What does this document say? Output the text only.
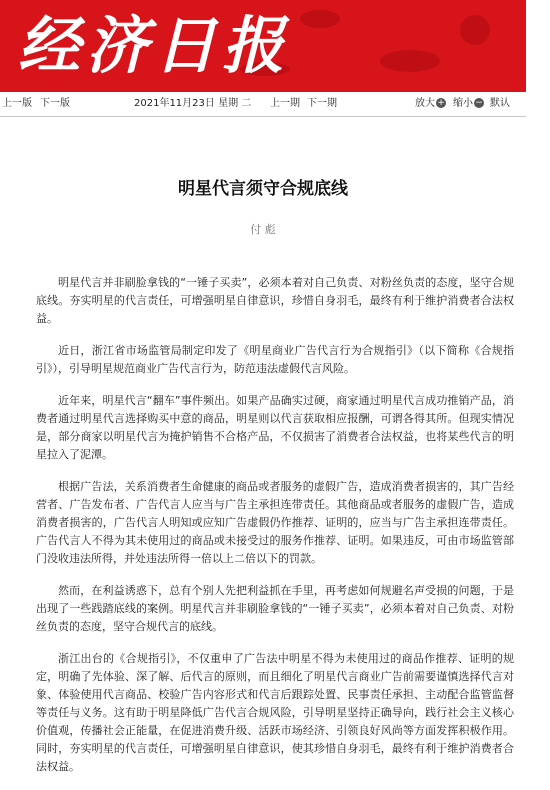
经济日报
上一版 下一版	2021年11月23日 星期 二 上一期 下一期	放大 + 缩小 − 默认
明星代言须守合规底线
付 彪

明星代言并非刷脸拿钱的“一锤子买卖”，必须本着对自己负责、对粉丝负责的态度，坚守合规底线。夯实明星的代言责任，可增强明星自律意识，珍惜自身羽毛，最终有利于维护消费者合法权益。

近日，浙江省市场监管局制定印发了《明星商业广告代言行为合规指引》（以下简称《合规指引》），引导明星规范商业广告代言行为，防范违法虚假代言风险。

近年来，明星代言“翻车”事件频出。如果产品确实过硬，商家通过明星代言成功推销产品，消费者通过明星代言选择购买中意的商品，明星则以代言获取相应报酬，可谓各得其所。但现实情况是，部分商家以明星代言为掩护销售不合格产品，不仅损害了消费者合法权益，也将某些代言的明星拉入了泥潭。

根据广告法，关系消费者生命健康的商品或者服务的虚假广告，造成消费者损害的，其广告经营者、广告发布者、广告代言人应当与广告主承担连带责任。其他商品或者服务的虚假广告，造成消费者损害的，广告代言人明知或应知广告虚假仍作推荐、证明的，应当与广告主承担连带责任。广告代言人不得为其未使用过的商品或未接受过的服务作推荐、证明。如果违反，可由市场监管部门没收违法所得，并处违法所得一倍以上二倍以下的罚款。

然而，在利益诱惑下，总有个别人先把利益抓在手里，再考虑如何规避名声受损的问题，于是出现了一些践踏底线的案例。明星代言并非刷脸拿钱的“一锤子买卖”，必须本着对自己负责、对粉丝负责的态度，坚守合规代言的底线。

浙江出台的《合规指引》，不仅重申了广告法中明星不得为未使用过的商品作推荐、证明的规定，明确了先体验、深了解、后代言的原则，而且细化了明星代言商业广告前需要谨慎选择代言对象、体验使用代言商品、校验广告内容形式和代言后跟踪处置、民事责任承担、主动配合监管监督等责任与义务。这有助于明星降低广告代言合规风险，引导明星坚持正确导向，践行社会主义核心价值观，传播社会正能量，在促进消费升级、活跃市场经济、引领良好风尚等方面发挥积极作用。同时，夯实明星的代言责任，可增强明星自律意识，使其珍惜自身羽毛，最终有利于维护消费者合法权益。
